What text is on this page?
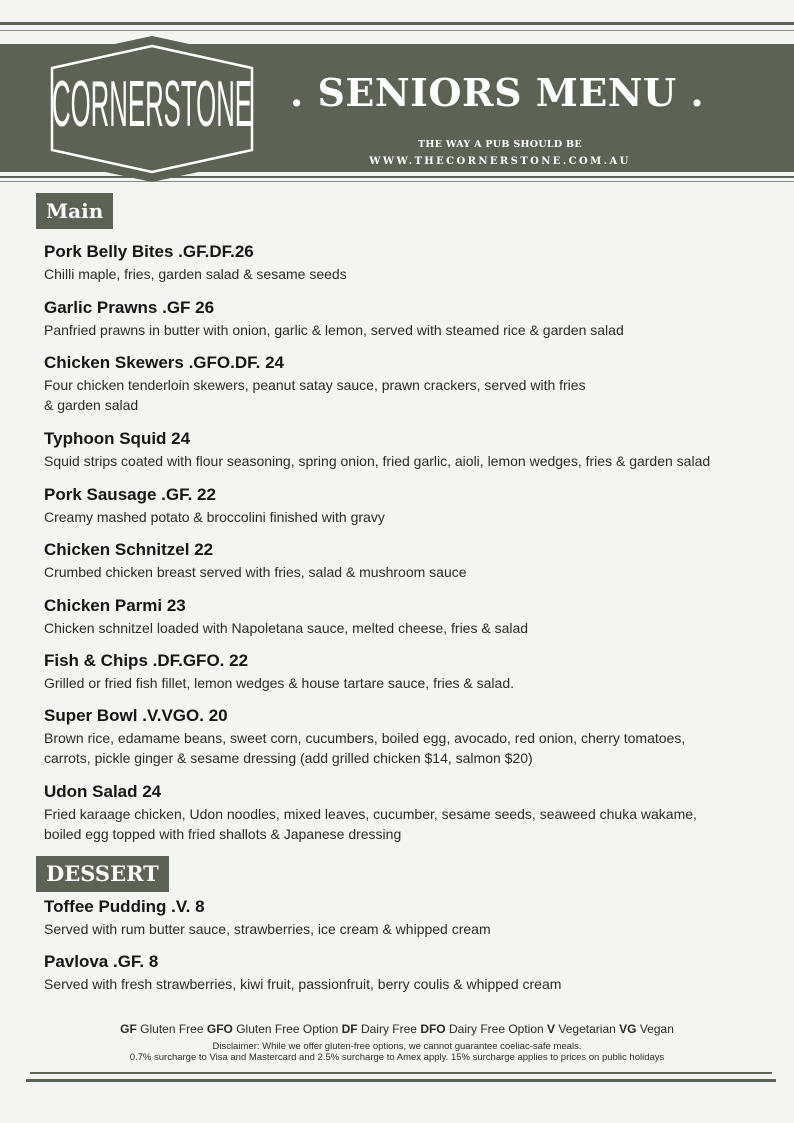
CORNERSTONE . SENIORS MENU .
THE WAY A PUB SHOULD BE
WWW.THECORNERSTONE.COM.AU
Main
Pork Belly Bites .GF.DF.26
Chilli maple, fries, garden salad & sesame seeds
Garlic Prawns .GF 26
Panfried prawns in butter with onion, garlic & lemon, served with steamed rice & garden salad
Chicken Skewers .GFO.DF. 24
Four chicken tenderloin skewers, peanut satay sauce, prawn crackers, served with fries
& garden salad
Typhoon Squid 24
Squid strips coated with flour seasoning, spring onion, fried garlic, aioli, lemon wedges, fries & garden salad
Pork Sausage .GF. 22
Creamy mashed potato & broccolini finished with gravy
Chicken Schnitzel 22
Crumbed chicken breast served with fries, salad & mushroom sauce
Chicken Parmi 23
Chicken schnitzel loaded with Napoletana sauce, melted cheese, fries & salad
Fish & Chips .DF.GFO. 22
Grilled or fried fish fillet, lemon wedges & house tartare sauce, fries & salad.
Super Bowl .V.VGO. 20
Brown rice, edamame beans, sweet corn, cucumbers, boiled egg, avocado, red onion, cherry tomatoes,
carrots, pickle ginger & sesame dressing (add grilled chicken $14, salmon $20)
Udon Salad 24
Fried karaage chicken, Udon noodles, mixed leaves, cucumber, sesame seeds, seaweed chuka wakame,
boiled egg topped with fried shallots & Japanese dressing
DESSERT
Toffee Pudding .V. 8
Served with rum butter sauce, strawberries, ice cream & whipped cream
Pavlova .GF. 8
Served with fresh strawberries, kiwi fruit, passionfruit, berry coulis & whipped cream
GF Gluten Free GFO Gluten Free Option DF Dairy Free DFO Dairy Free Option V Vegetarian VG Vegan
Disclaimer: While we offer gluten-free options, we cannot guarantee coeliac-safe meals.
0.7% surcharge to Visa and Mastercard and 2.5% surcharge to Amex apply. 15% surcharge applies to prices on public holidays
